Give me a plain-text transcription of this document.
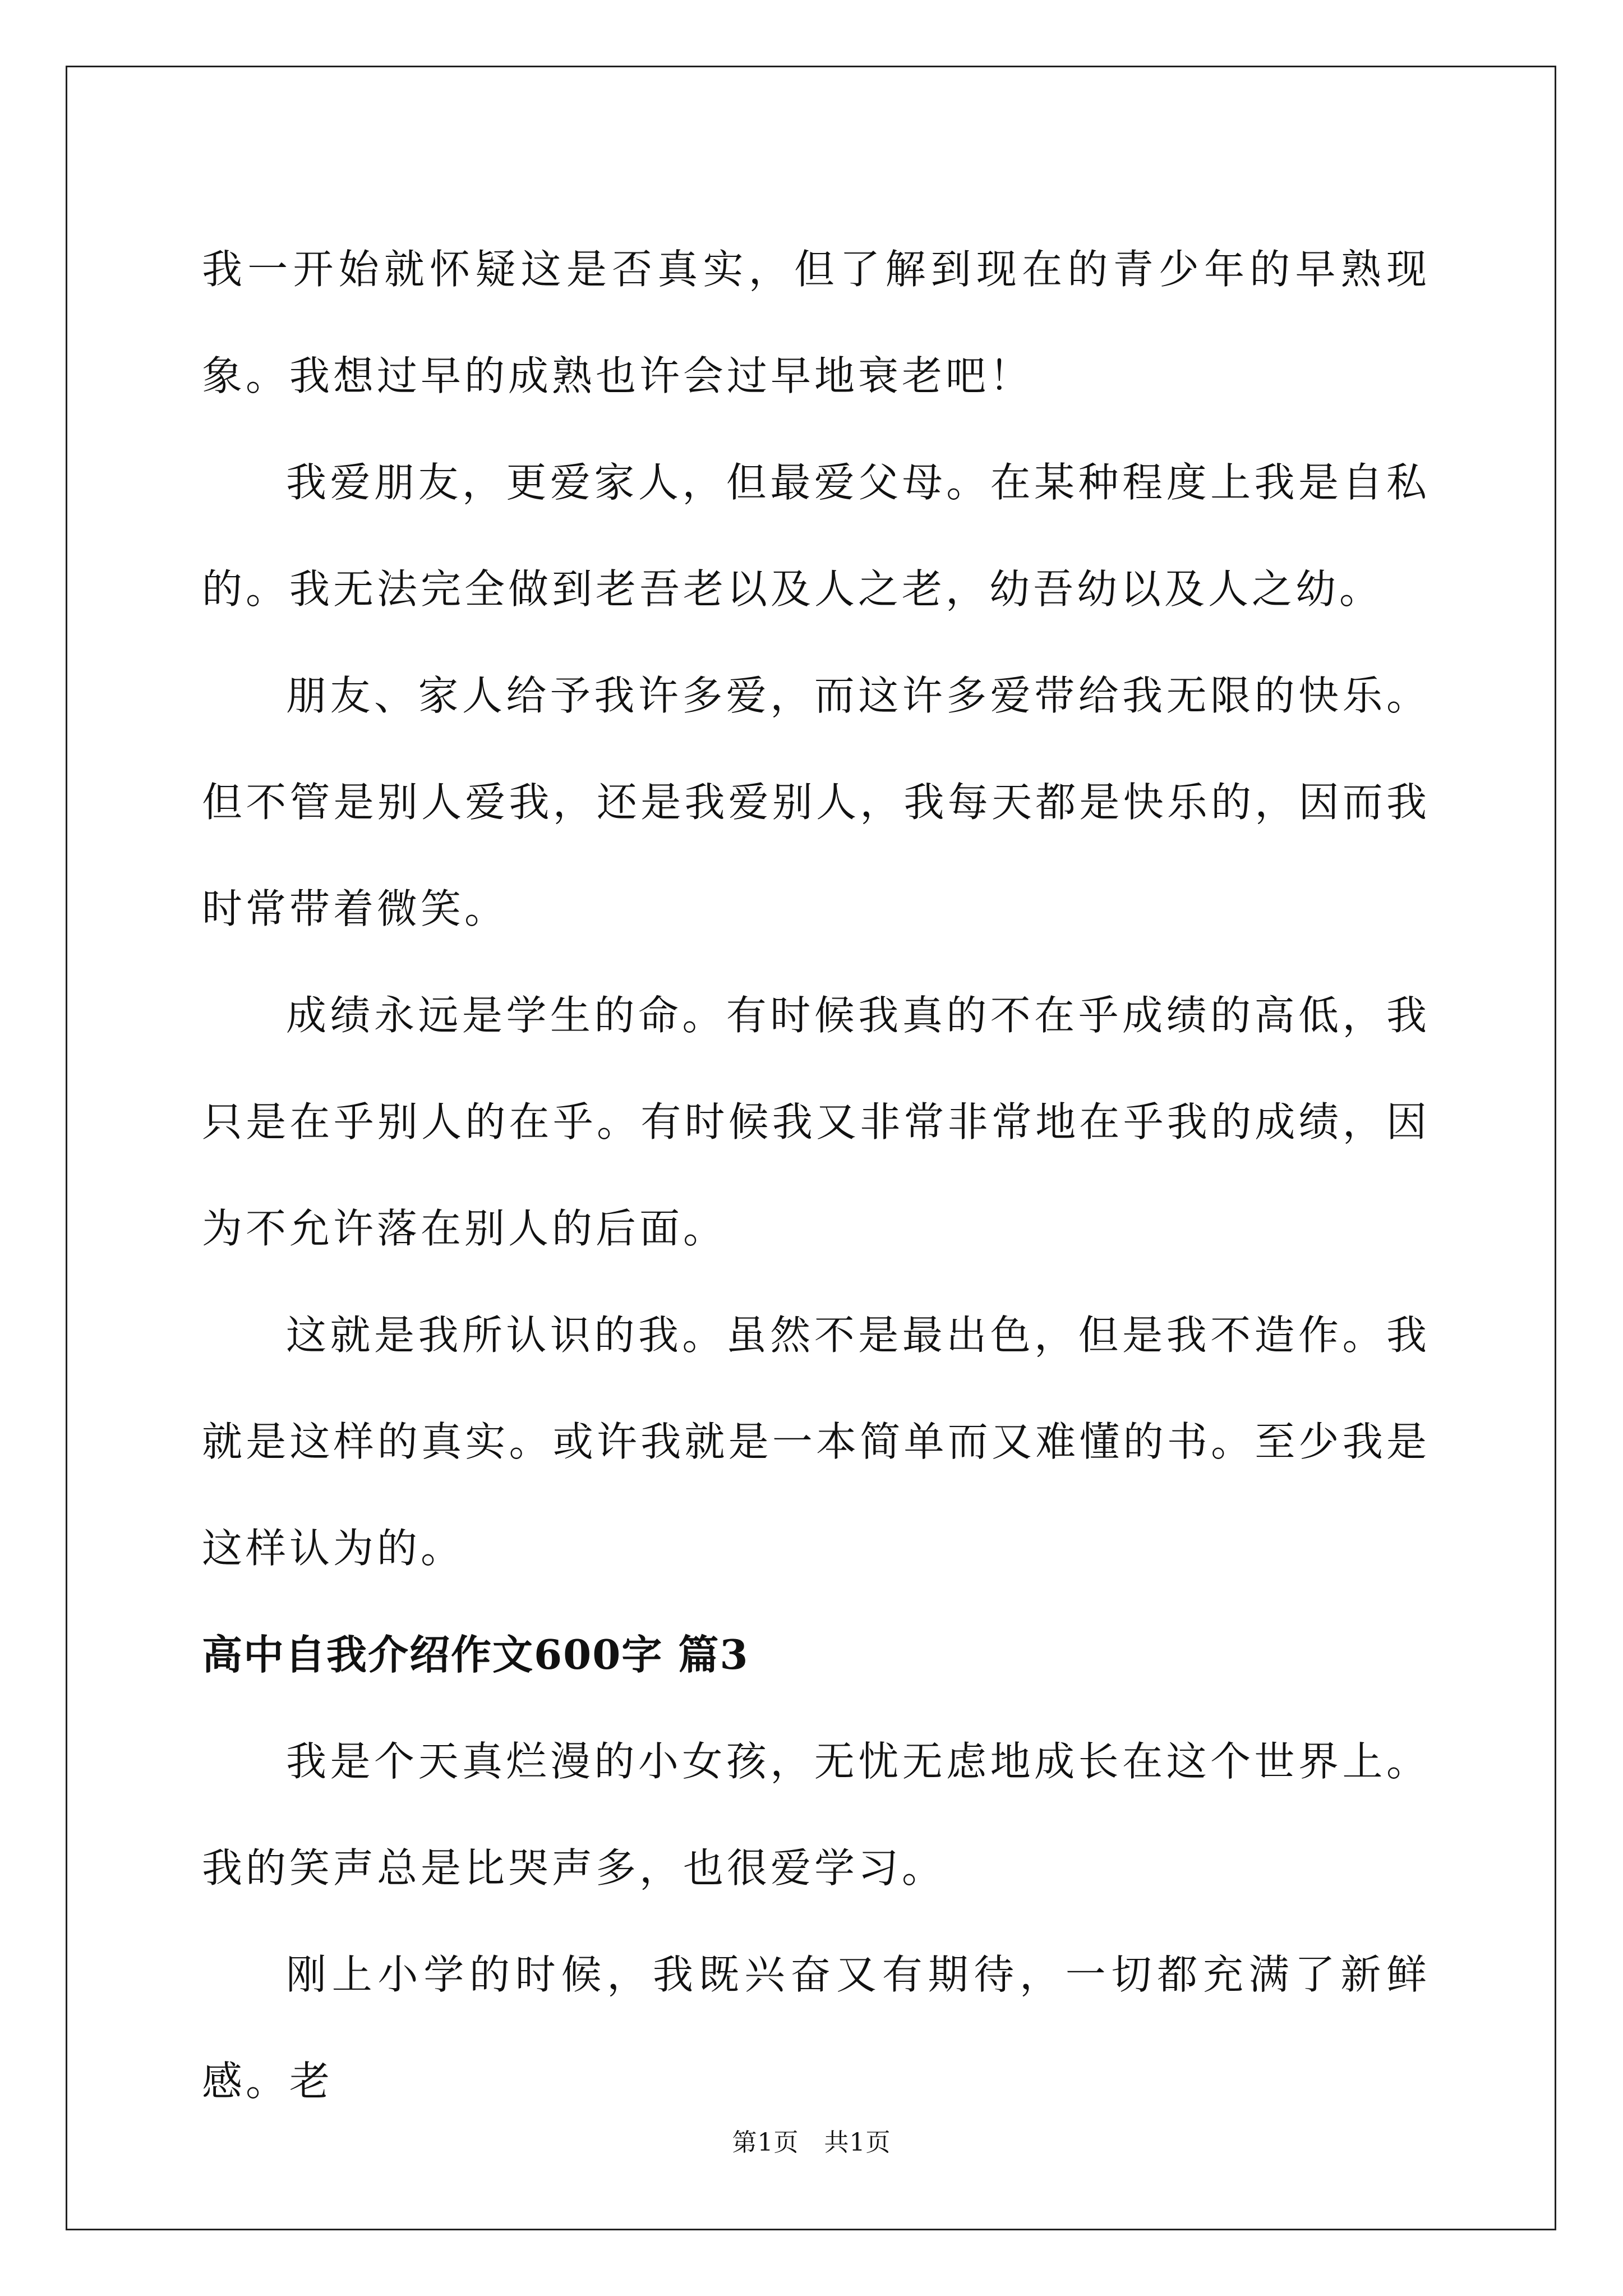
我一开始就怀疑这是否真实，但了解到现在的青少年的早熟现象。我想过早的成熟也许会过早地衰老吧！

我爱朋友，更爱家人，但最爱父母。在某种程度上我是自私的。我无法完全做到老吾老以及人之老，幼吾幼以及人之幼。

朋友、家人给予我许多爱，而这许多爱带给我无限的快乐。但不管是别人爱我，还是我爱别人，我每天都是快乐的，因而我时常带着微笑。

成绩永远是学生的命。有时候我真的不在乎成绩的高低，我只是在乎别人的在乎。有时候我又非常非常地在乎我的成绩，因为不允许落在别人的后面。

这就是我所认识的我。虽然不是最出色，但是我不造作。我就是这样的真实。或许我就是一本简单而又难懂的书。至少我是这样认为的。

高中自我介绍作文600字 篇3

我是个天真烂漫的小女孩，无忧无虑地成长在这个世界上。我的笑声总是比哭声多，也很爱学习。

刚上小学的时候，我既兴奋又有期待，一切都充满了新鲜感。老

第1页 共1页
